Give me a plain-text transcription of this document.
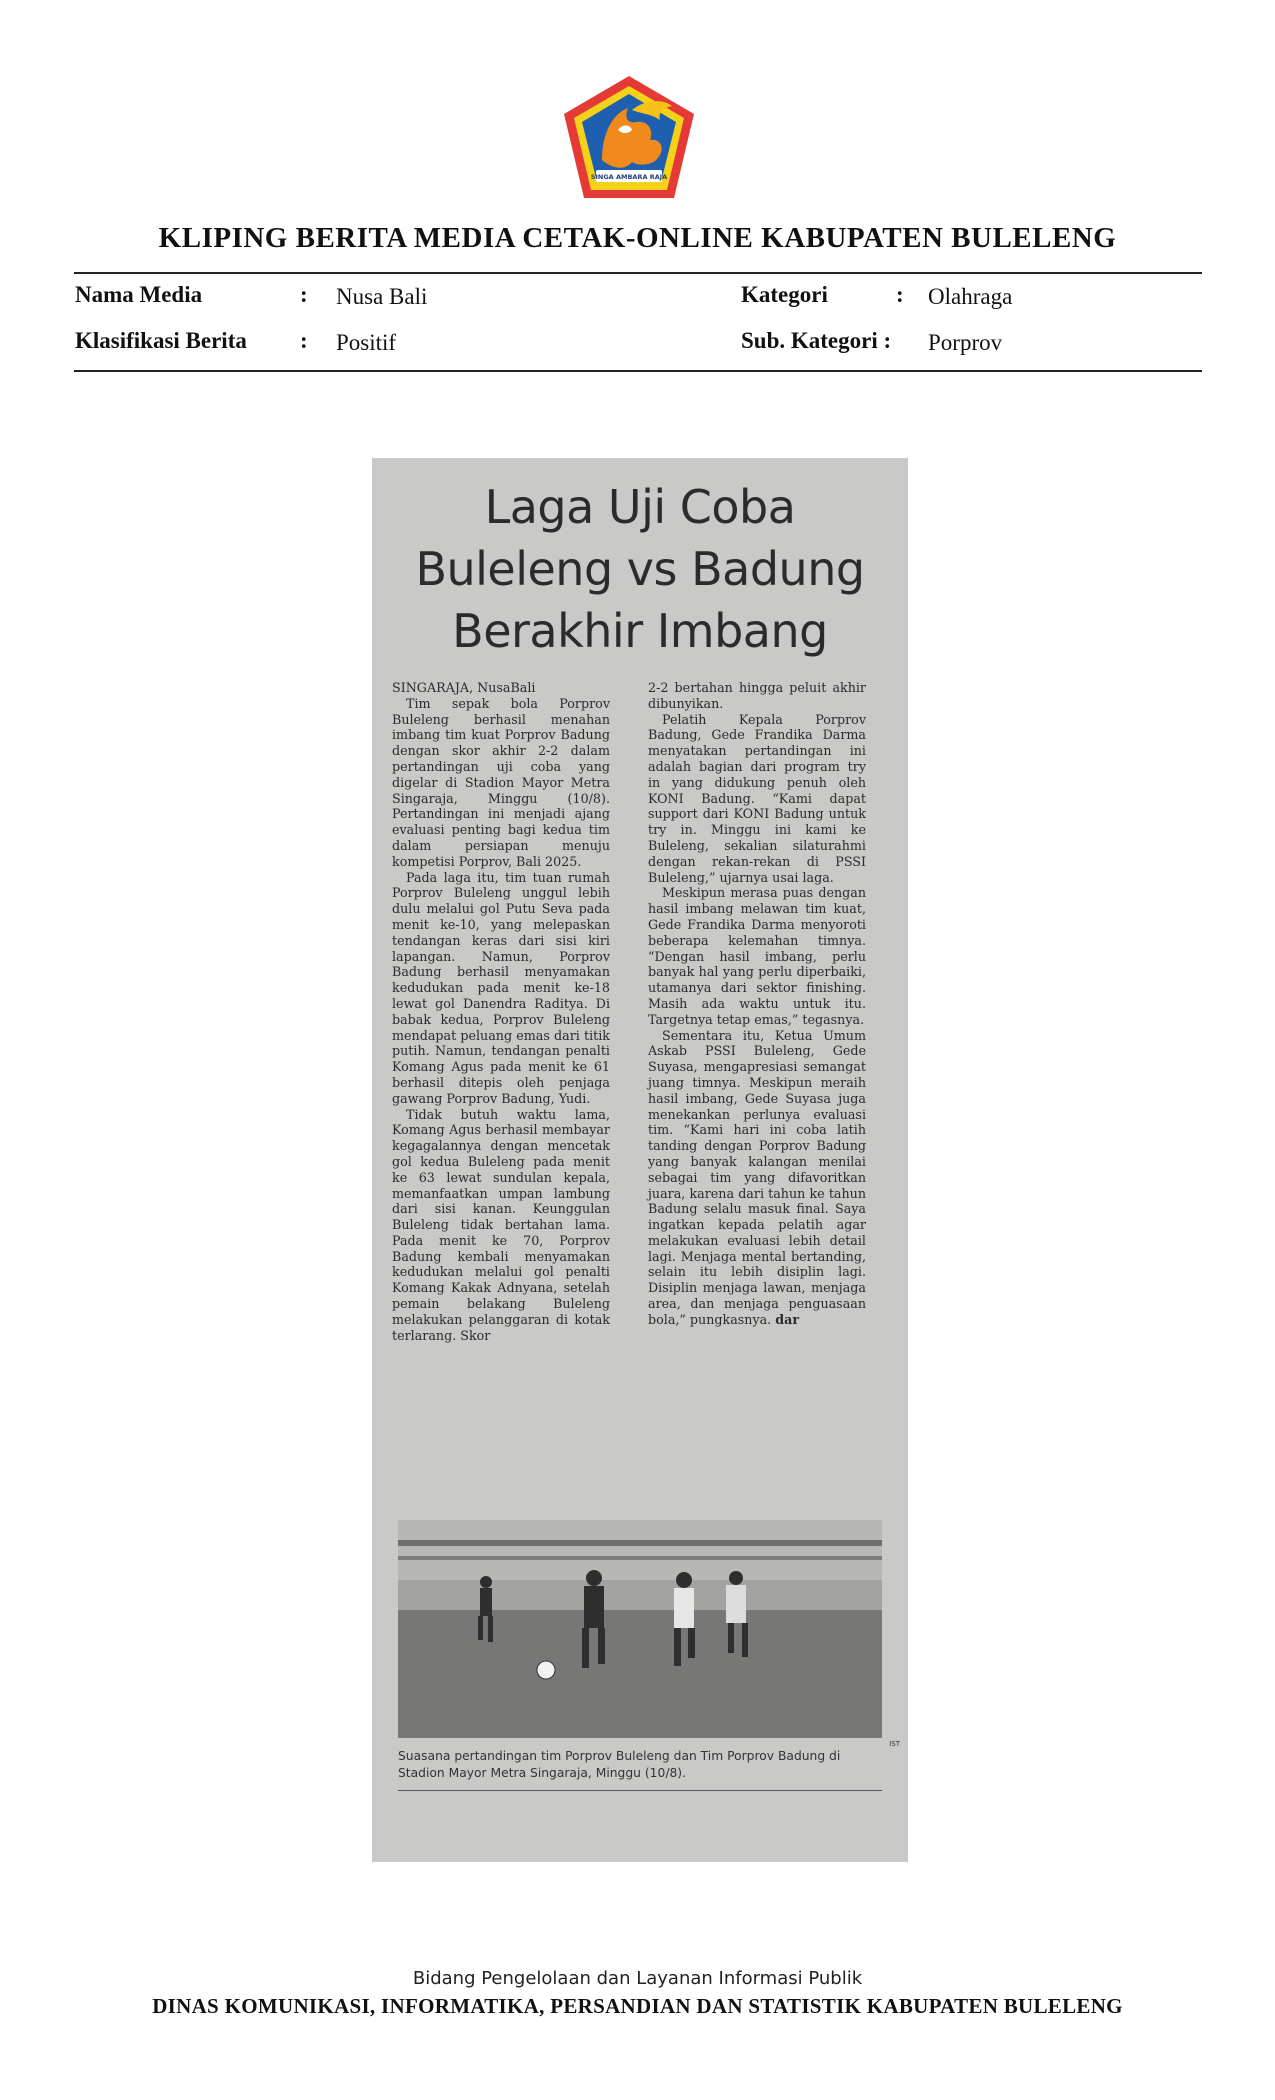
SINGA AMBARA RAJA
KLIPING BERITA MEDIA CETAK-ONLINE KABUPATEN BULELENG
Nama Media	: Nusa Bali	Kategori	: Olahraga
Klasifikasi Berita : Positif	Sub. Kategori : Porprov
Laga Uji Coba
Buleleng vs Badung
Berakhir Imbang

SINGARAJA, NusaBali

Tim sepak bola Porprov Buleleng berhasil menahan imbang tim kuat Porprov Badung dengan skor akhir 2-2 dalam pertandingan uji coba yang digelar di Stadion Mayor Metra Singaraja, Minggu (10/8). Pertandingan ini menjadi ajang evaluasi penting bagi kedua tim dalam persiapan menuju kompetisi Porprov, Bali 2025.

Pada laga itu, tim tuan rumah Porprov Buleleng unggul lebih dulu melalui gol Putu Seva pada menit ke-10, yang melepaskan tendangan keras dari sisi kiri lapangan. Namun, Porprov Badung berhasil menyamakan kedudukan pada menit ke-18 lewat gol Danendra Raditya. Di babak kedua, Porprov Buleleng mendapat peluang emas dari titik putih. Namun, tendangan penalti Komang Agus pada menit ke 61 berhasil ditepis oleh penjaga gawang Porprov Badung, Yudi.

Tidak butuh waktu lama, Komang Agus berhasil membayar kegagalannya dengan mencetak gol kedua Buleleng pada menit ke 63 lewat sundulan kepala, memanfaatkan umpan lambung dari sisi kanan. Keunggulan Buleleng tidak bertahan lama. Pada menit ke 70, Porprov Badung kembali menyamakan kedudukan melalui gol penalti Komang Kakak Adnyana, setelah pemain belakang Buleleng melakukan pelanggaran di kotak terlarang. Skor

2-2 bertahan hingga peluit akhir dibunyikan.

Pelatih Kepala Porprov Badung, Gede Frandika Darma menyatakan pertandingan ini adalah bagian dari program try in yang didukung penuh oleh KONI Badung. “Kami dapat support dari KONI Badung untuk try in. Minggu ini kami ke Buleleng, sekalian silaturahmi dengan rekan-rekan di PSSI Buleleng,” ujarnya usai laga.

Meskipun merasa puas dengan hasil imbang melawan tim kuat, Gede Frandika Darma menyoroti beberapa kelemahan timnya. “Dengan hasil imbang, perlu banyak hal yang perlu diperbaiki, utamanya dari sektor finishing. Masih ada waktu untuk itu. Targetnya tetap emas,” tegasnya.

Sementara itu, Ketua Umum Askab PSSI Buleleng, Gede Suyasa, mengapresiasi semangat juang timnya. Meskipun meraih hasil imbang, Gede Suyasa juga menekankan perlunya evaluasi tim. “Kami hari ini coba latih tanding dengan Porprov Badung yang banyak kalangan menilai sebagai tim yang difavoritkan juara, karena dari tahun ke tahun Badung selalu masuk final. Saya ingatkan kepada pelatih agar melakukan evaluasi lebih detail lagi. Menjaga mental bertanding, selain itu lebih disiplin lagi. Disiplin menjaga lawan, menjaga area, dan menjaga penguasaan bola,” pungkasnya. dar

IST
Suasana pertandingan tim Porprov Buleleng dan Tim Porprov Badung di Stadion Mayor Metra Singaraja, Minggu (10/8).
Bidang Pengelolaan dan Layanan Informasi Publik
DINAS KOMUNIKASI, INFORMATIKA, PERSANDIAN DAN STATISTIK KABUPATEN BULELENG
